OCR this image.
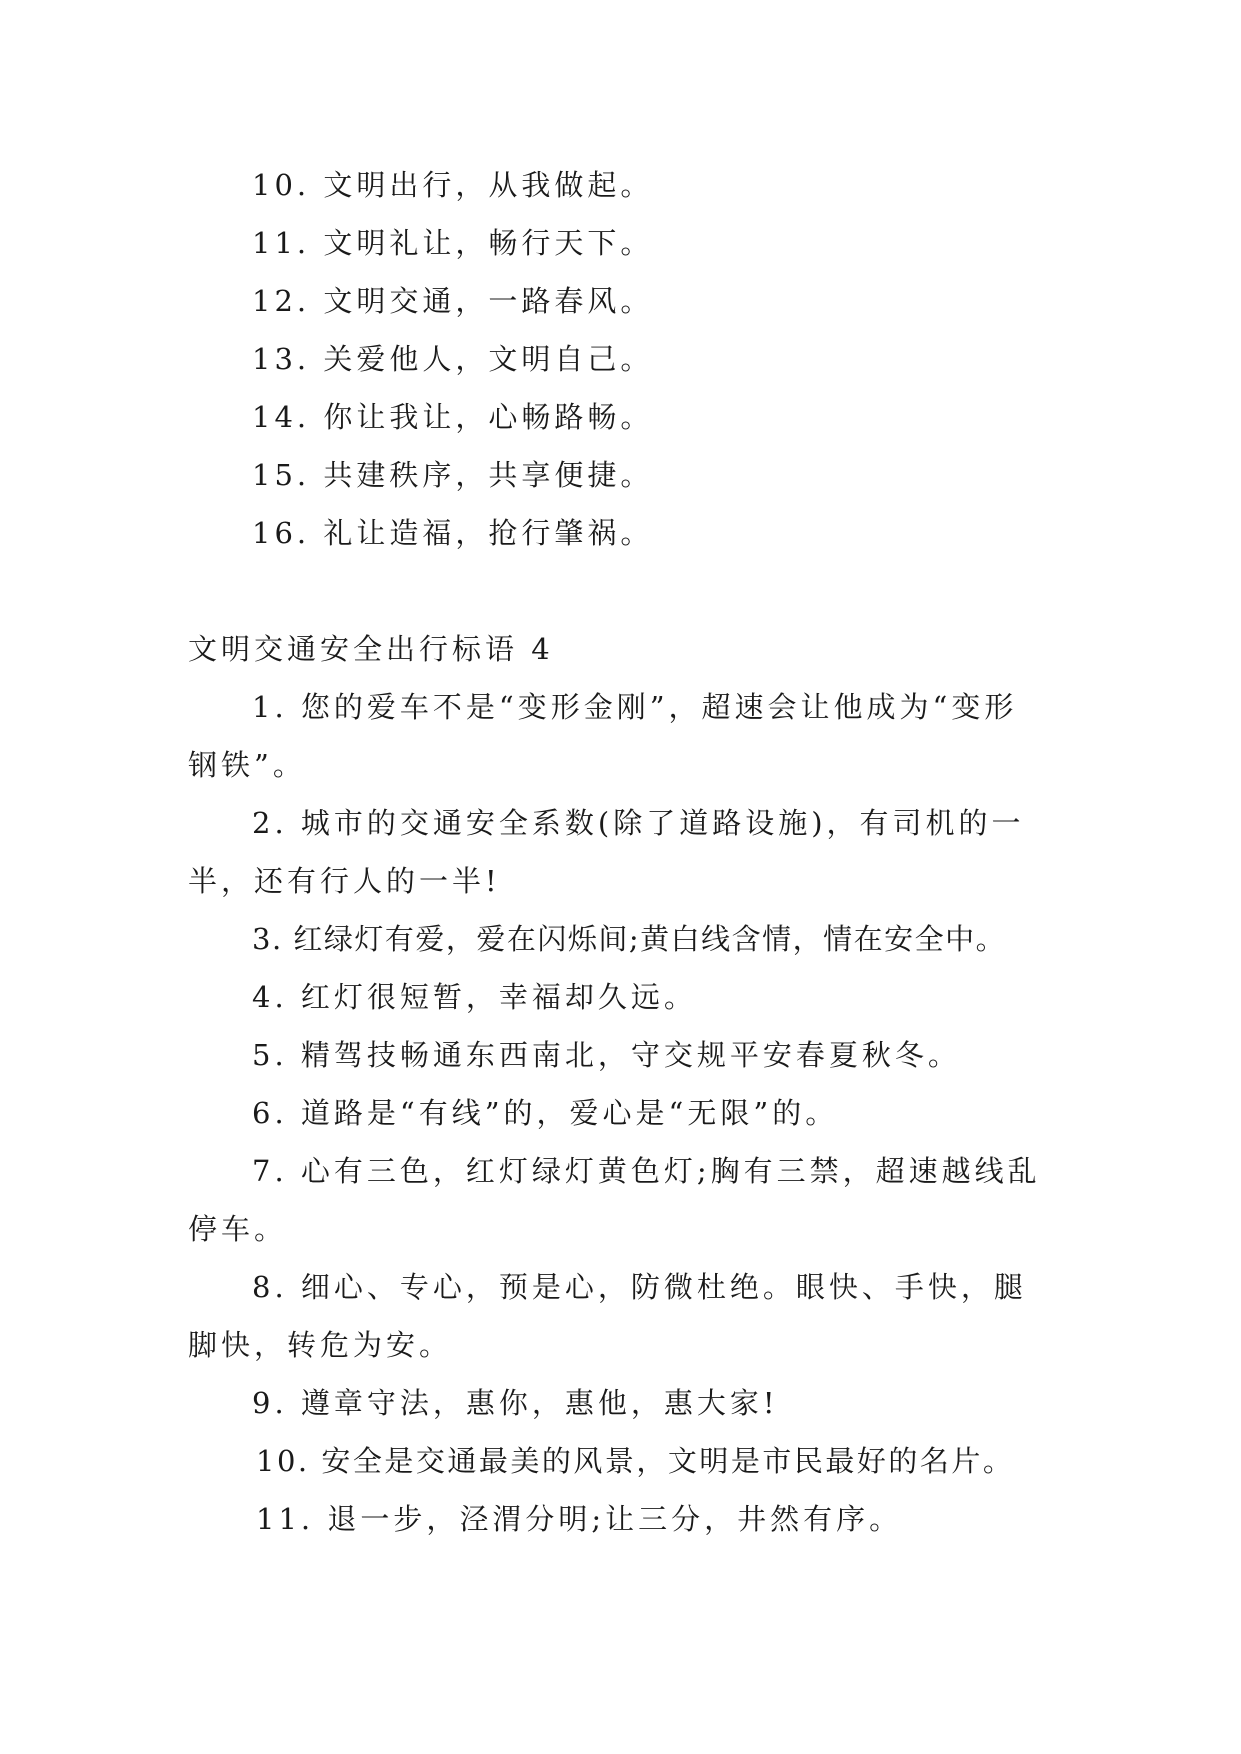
10. 文明出行，从我做起。
11. 文明礼让，畅行天下。
12. 文明交通，一路春风。
13. 关爱他人，文明自己。
14. 你让我让，心畅路畅。
15. 共建秩序，共享便捷。
16. 礼让造福，抢行肇祸。
文明交通安全出行标语 4
1. 您的爱车不是“变形金刚”，超速会让他成为“变形
钢铁”。
2. 城市的交通安全系数(除了道路设施)，有司机的一
半，还有行人的一半!
3. 红绿灯有爱，爱在闪烁间;黄白线含情，情在安全中。
4. 红灯很短暂，幸福却久远。
5. 精驾技畅通东西南北，守交规平安春夏秋冬。
6. 道路是“有线”的，爱心是“无限”的。
7. 心有三色，红灯绿灯黄色灯;胸有三禁，超速越线乱
停车。
8. 细心、专心，预是心，防微杜绝。眼快、手快，腿
脚快，转危为安。
9. 遵章守法，惠你，惠他，惠大家!
10. 安全是交通最美的风景，文明是市民最好的名片。
11. 退一步，泾渭分明;让三分，井然有序。
